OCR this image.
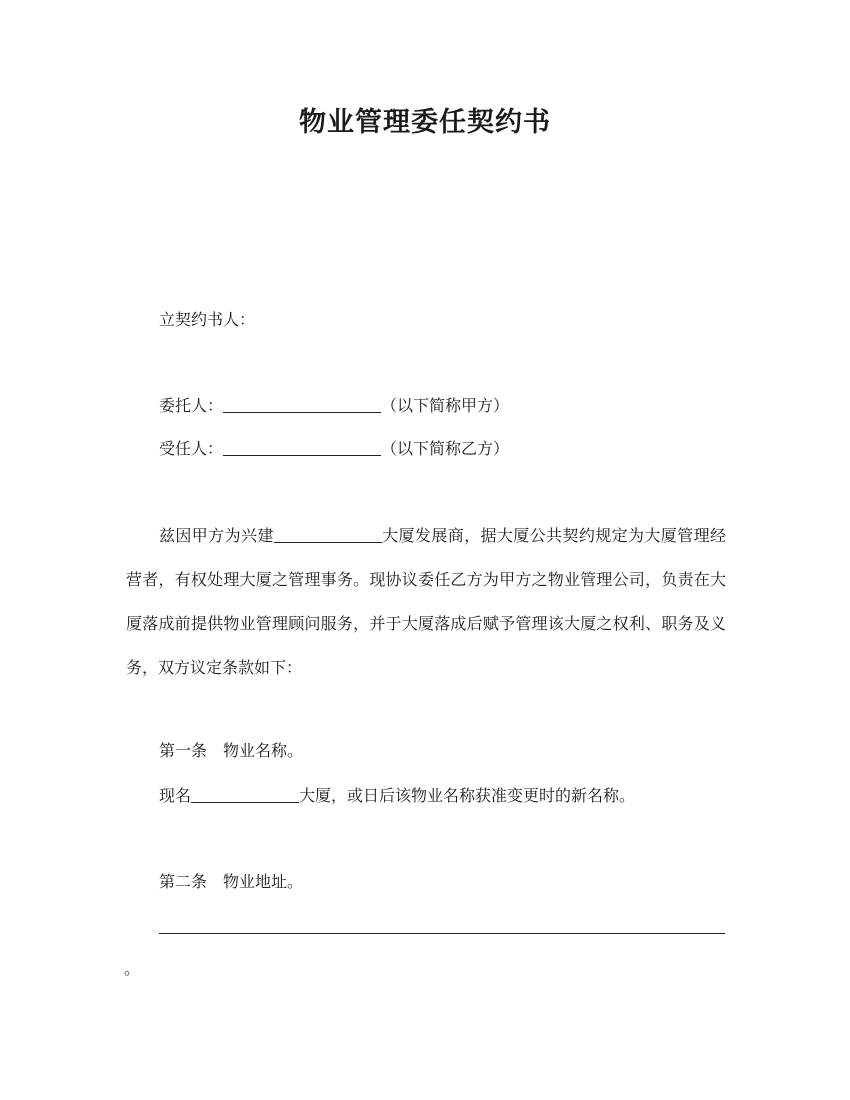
物业管理委任契约书
立契约书人：
委托人：	（以下简称甲方）
受任人：	（以下简称乙方）
兹因甲方为兴建	大厦发展商，据大厦公共契约规定为大厦管理经营者，有权处理大厦之管理事务。现协议委任乙方为甲方之物业管理公司，负责在大厦落成前提供物业管理顾问服务，并于大厦落成后赋予管理该大厦之权利、职务及义务，双方议定条款如下：
第一条　物业名称。
现名	大厦，或日后该物业名称获准变更时的新名称。
第二条　物业地址。
。
